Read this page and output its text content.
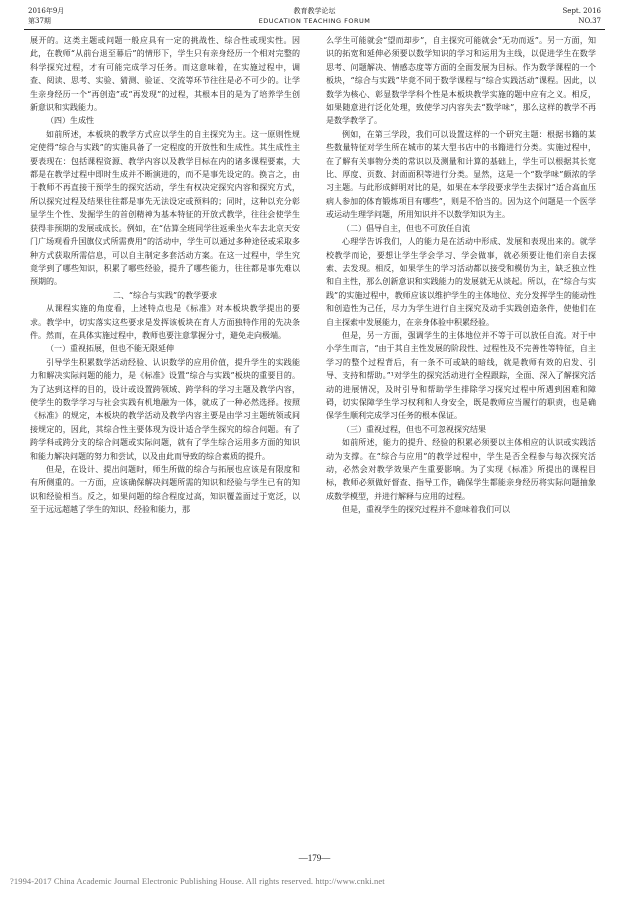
2016年9月
第37期
教育教学论坛
EDUCATION TEACHING FORUM
Sept. 2016
NO.37

展开的。这类主题或问题一般应具有一定的挑战性、综合性或现实性。因此，在教师“从前台退至幕后”的情形下，学生只有亲身经历一个相对完整的科学探究过程，才有可能完成学习任务。而这意味着，在实施过程中，调查、阅读、思考、实验、猜测、验证、交流等环节往往是必不可少的。让学生亲身经历一个“再创造”或“再发现”的过程，其根本目的是为了培养学生创新意识和实践能力。

（四）生成性

如前所述，本板块的教学方式应以学生的自主探究为主。这一原则性规定使得“综合与实践”的实施具备了一定程度的开放性和生成性。其生成性主要表现在：包括课程资源、教学内容以及教学目标在内的诸多课程要素，大都是在教学过程中即时生成并不断演进的，而不是事先设定的。换言之，由于教师不再直接干预学生的探究活动，学生有权决定探究内容和探究方式，所以探究过程及结果往往都是事先无法设定或预料的；同时，这种以充分彰显学生个性、发掘学生的首创精神为基本特征的开放式教学，往往会使学生获得非预期的发展或成长。例如，在“估算全班同学往返乘坐火车去北京天安门广场观看升国旗仪式所需费用”的活动中，学生可以通过多种途径或采取多种方式获取所需信息，可以自主制定多套活动方案。在这一过程中，学生究竟学到了哪些知识，积累了哪些经验，提升了哪些能力，往往都是事先难以预期的。

二、“综合与实践”的教学要求

从课程实施的角度看，上述特点也是《标准》对本板块教学提出的要求。教学中，切实落实这些要求是发挥该板块在育人方面独特作用的先决条件。然而，在具体实施过程中，教师也要注意掌握分寸，避免走向极端。

（一）重视拓展，但也不能无限延伸

引导学生积累数学活动经验、认识数学的应用价值，提升学生的实践能力和解决实际问题的能力，是《标准》设置“综合与实践”板块的重要目的。为了达到这样的目的，设计或设置跨领域、跨学科的学习主题及教学内容，使学生的数学学习与社会实践有机地融为一体，就成了一种必然选择。按照《标准》的规定，本板块的教学活动及教学内容主要是由学习主题统领或间接规定的，因此，其综合性主要体现为设计适合学生探究的综合问题。有了跨学科或跨分支的综合问题或实际问题，就有了学生综合运用多方面的知识和能力解决问题的努力和尝试，以及由此而导致的综合素质的提升。

但是，在设计、提出问题时，师生所做的综合与拓展也应该是有限度和有所侧重的。一方面，应该确保解决问题所需的知识和经验与学生已有的知识和经验相当。反之，如果问题的综合程度过高，知识覆盖面过于宽泛，以至于远远超越了学生的知识、经验和能力，那

么学生可能就会“望而却步”，自主探究可能就会“无功而返”。另一方面，知识的拓宽和延伸必须要以数学知识的学习和运用为主线，以促进学生在数学思考、问题解决、情感态度等方面的全面发展为目标。作为数学课程的一个板块，“综合与实践”毕竟不同于数学课程与“综合实践活动”课程。因此，以数学为核心、彰显数学学科个性是本板块教学实施的题中应有之义。相反，如果随意进行泛化处理，致使学习内容失去“数学味”，那么这样的教学不再是数学教学了。

例如，在第三学段，我们可以设置这样的一个研究主题：根据书籍的某些数量特征对学生所在城市的某大型书店中的书籍进行分类。实施过程中，在了解有关事物分类的常识以及测量和计算的基础上，学生可以根据其长宽比、厚度、页数、封面面积等进行分类。显然，这是一个“数学味”颇浓的学习主题。与此形成鲜明对比的是，如果在本学段要求学生去探讨“适合高血压病人参加的体育锻炼项目有哪些”，则是不恰当的。因为这个问题是一个医学或运动生理学问题，所用知识并不以数学知识为主。

（二）倡导自主，但也不可放任自流

心理学告诉我们，人的能力是在活动中形成、发展和表现出来的。就学校教学而论，要想让学生学会学习、学会做事，就必须要让他们亲自去探索、去发现。相反，如果学生的学习活动都以接受和模仿为主，缺乏独立性和自主性，那么创新意识和实践能力的发展就无从谈起。所以，在“综合与实践”的实施过程中，教师应该以维护学生的主体地位、充分发挥学生的能动性和创造性为己任，尽力为学生进行自主探究及动手实践创造条件，使他们在自主探索中发展能力，在亲身体验中积累经验。

但是，另一方面，强调学生的主体地位并不等于可以放任自流。对于中小学生而言，“由于其自主性发展的阶段性、过程性及不完善性等特征，自主学习的整个过程背后，有一条不可或缺的暗线，就是教师有效的启发、引导、支持和帮助。”¹对学生的探究活动进行全程跟踪，全面、深入了解探究活动的进展情况，及时引导和帮助学生排除学习探究过程中所遇到困难和障碍，切实保障学生学习权利和人身安全，既是教师应当履行的职责，也是确保学生顺利完成学习任务的根本保证。

（三）重视过程，但也不可忽视探究结果

如前所述，能力的提升、经验的积累必须要以主体相应的认识或实践活动为支撑。在“综合与应用”的教学过程中，学生是否全程参与每次探究活动，必然会对教学效果产生重要影响。为了实现《标准》所提出的课程目标，教师必须做好督查、指导工作，确保学生都能亲身经历将实际问题抽象成数学模型，并进行解释与应用的过程。

但是，重视学生的探究过程并不意味着我们可以

—179—
?1994-2017 China Academic Journal Electronic Publishing House. All rights reserved. http://www.cnki.net
